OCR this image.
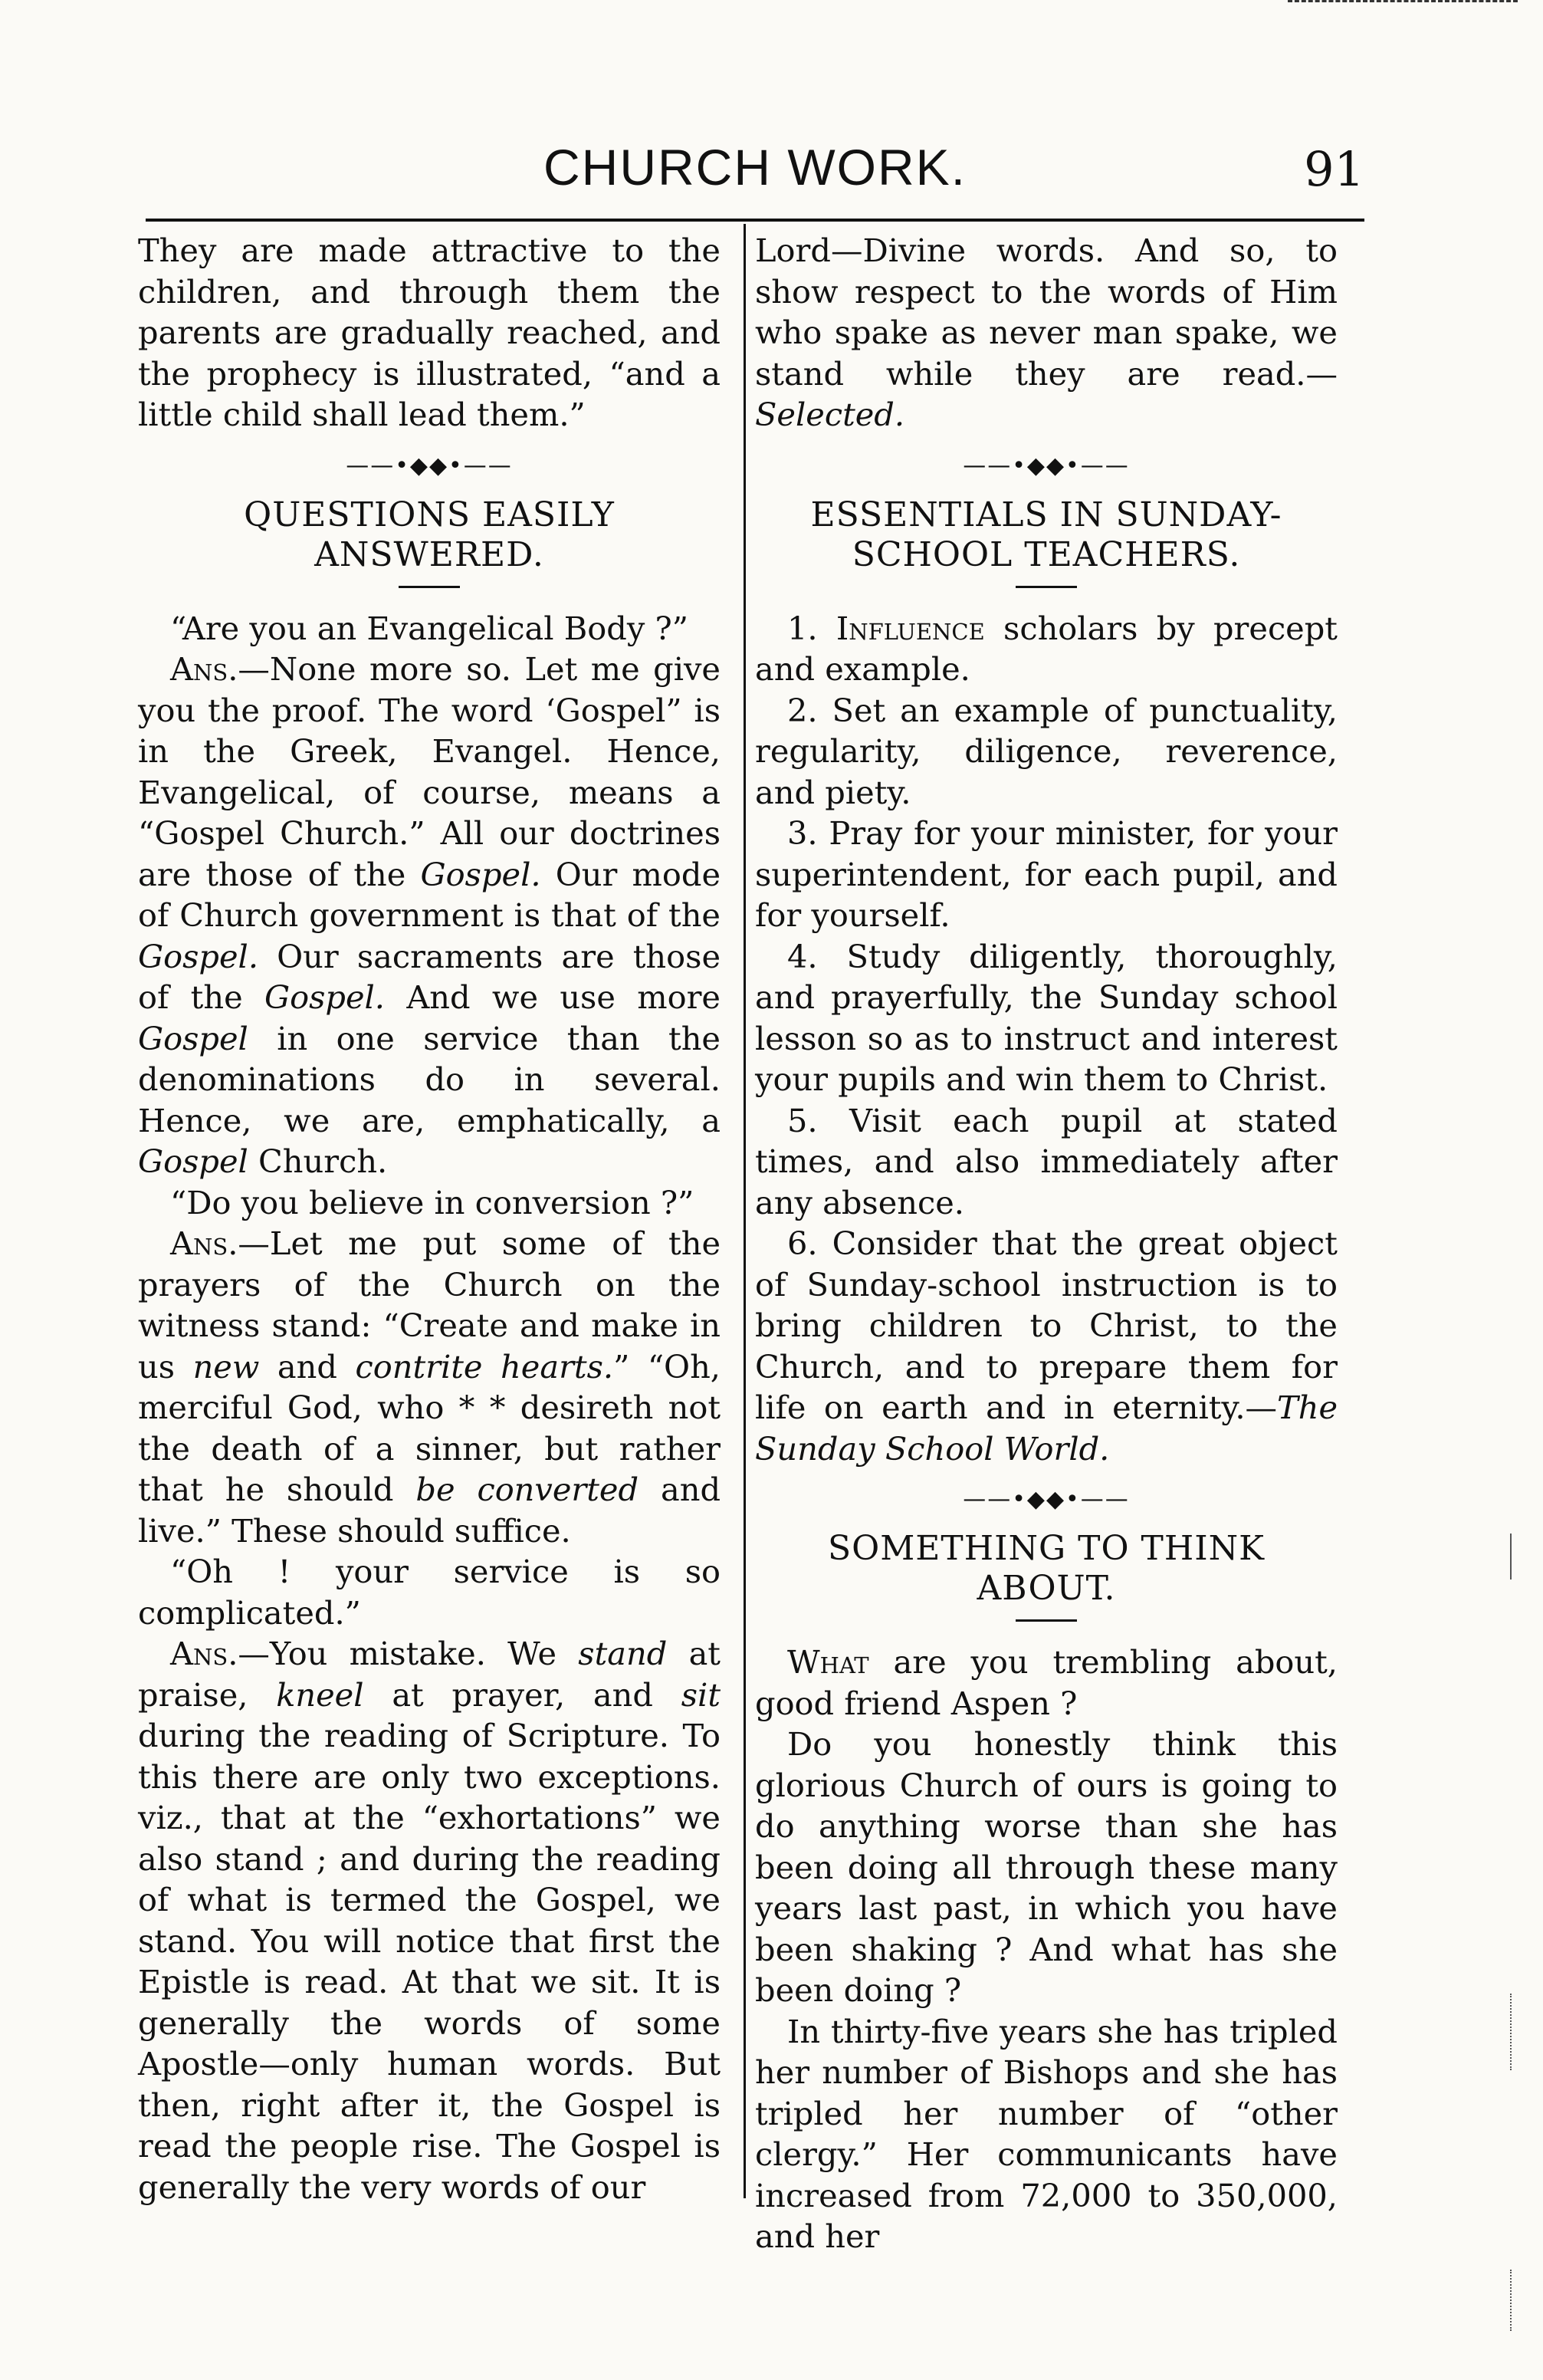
CHURCH WORK.	91

They are made attractive to the children, and through them the parents are gradually reached, and the prophecy is illustrated, “and a little child shall lead them.”

——•◆◆•——
QUESTIONS EASILY ANSWERED.

“Are you an Evangelical Body ?”

Ans.—None more so. Let me give you the proof. The word ‘Gospel” is in the Greek, Evangel. Hence, Evangelical, of course, means a “Gospel Church.” All our doctrines are those of the Gospel. Our mode of Church government is that of the Gospel. Our sacraments are those of the Gospel. And we use more Gospel in one service than the denominations do in several. Hence, we are, emphatically, a Gospel Church.

“Do you believe in conversion ?”

Ans.—Let me put some of the prayers of the Church on the witness stand: “Create and make in us new and contrite hearts.” “Oh, merciful God, who * * desireth not the death of a sinner, but rather that he should be converted and live.” These should suffice.

“Oh ! your service is so complicated.”

Ans.—You mistake. We stand at praise, kneel at prayer, and sit during the reading of Scripture. To this there are only two exceptions. viz., that at the “exhortations” we also stand ; and during the reading of what is termed the Gospel, we stand. You will notice that first the Epistle is read. At that we sit. It is generally the words of some Apostle—only human words. But then, right after it, the Gospel is read the people rise. The Gospel is generally the very words of our

Lord—Divine words. And so, to show respect to the words of Him who spake as never man spake, we stand while they are read.—Selected.

——•◆◆•——
ESSENTIALS IN SUNDAY-SCHOOL TEACHERS.

1. Influence scholars by precept and example.

2. Set an example of punctuality, regularity, diligence, reverence, and piety.

3. Pray for your minister, for your superintendent, for each pupil, and for yourself.

4. Study diligently, thoroughly, and prayerfully, the Sunday school lesson so as to instruct and interest your pupils and win them to Christ.

5. Visit each pupil at stated times, and also immediately after any absence.

6. Consider that the great object of Sunday-school instruction is to bring children to Christ, to the Church, and to prepare them for life on earth and in eternity.—The Sunday School World.

——•◆◆•——
SOMETHING TO THINK ABOUT.

What are you trembling about, good friend Aspen ?

Do you honestly think this glorious Church of ours is going to do anything worse than she has been doing all through these many years last past, in which you have been shaking ? And what has she been doing ?

In thirty-five years she has tripled her number of Bishops and she has tripled her number of “other clergy.” Her communicants have increased from 72,000 to 350,000, and her
